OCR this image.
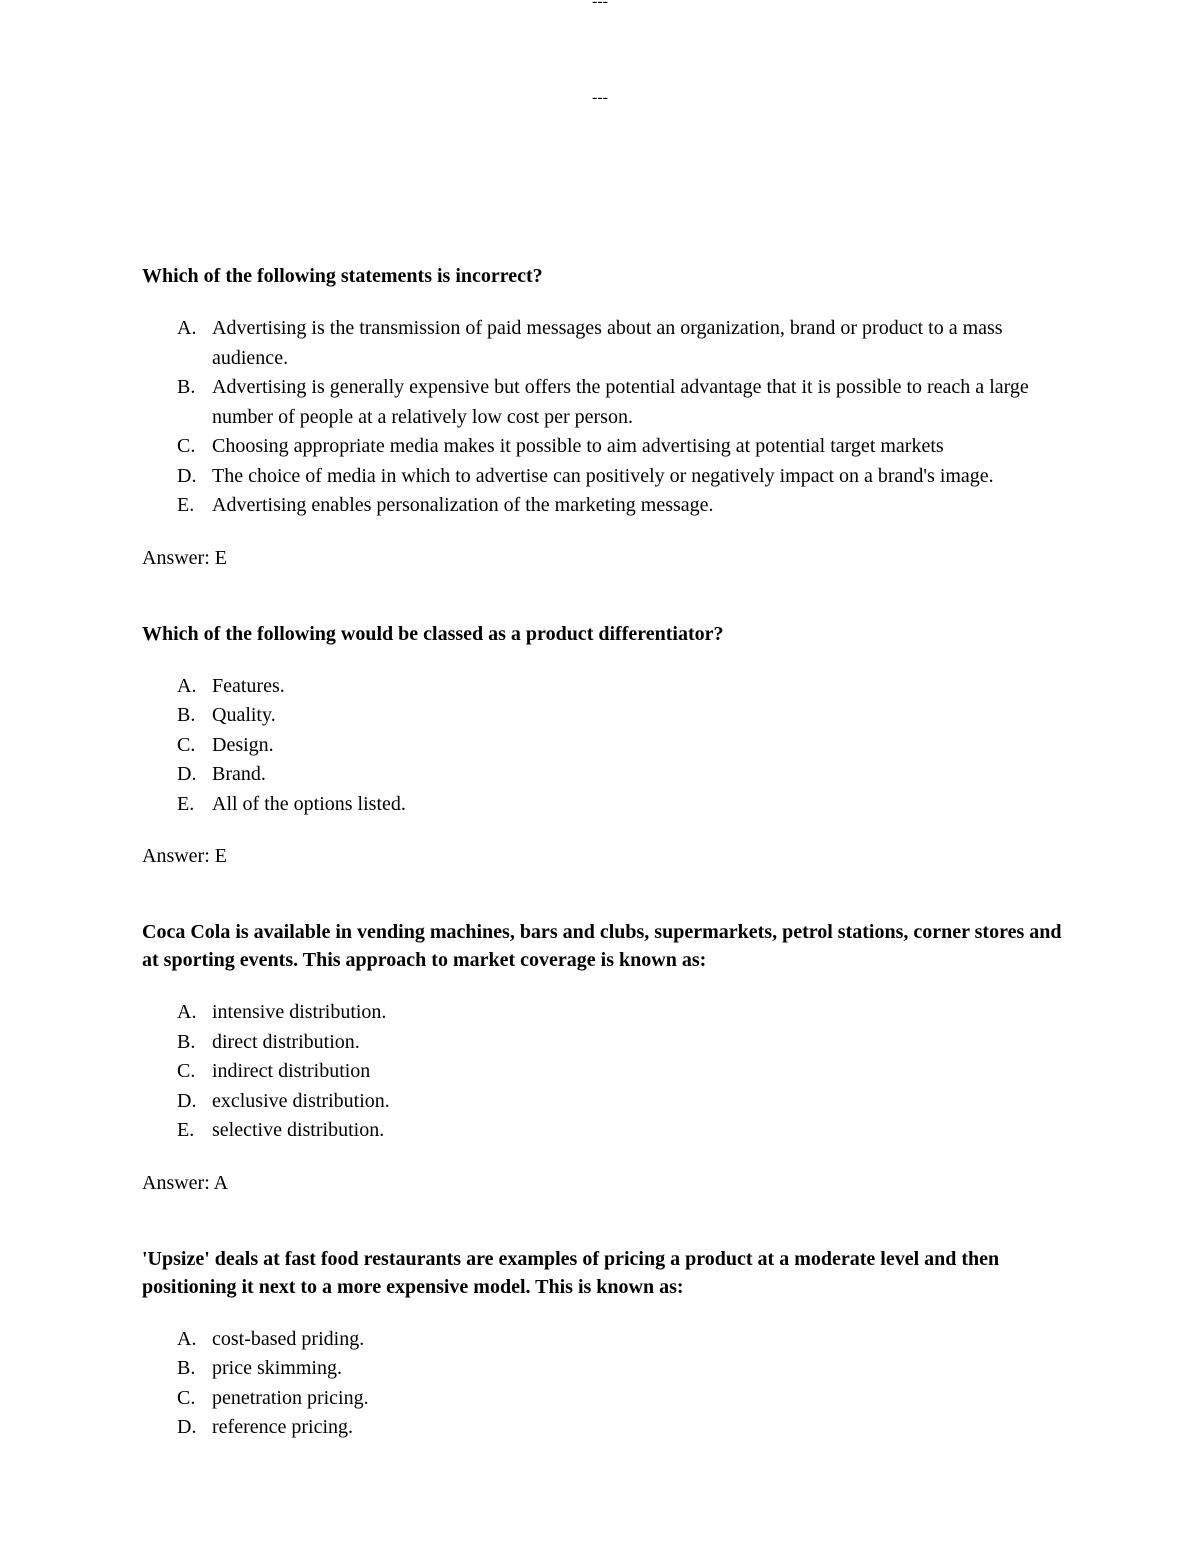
---
---

Which of the following statements is incorrect?

A. Advertising is the transmission of paid messages about an organization, brand or product to a mass audience.
B. Advertising is generally expensive but offers the potential advantage that it is possible to reach a large number of people at a relatively low cost per person.
C. Choosing appropriate media makes it possible to aim advertising at potential target markets
D. The choice of media in which to advertise can positively or negatively impact on a brand's image.
E. Advertising enables personalization of the marketing message.

Answer: E

Which of the following would be classed as a product differentiator?

A. Features.
B. Quality.
C. Design.
D. Brand.
E. All of the options listed.

Answer: E

Coca Cola is available in vending machines, bars and clubs, supermarkets, petrol stations, corner stores and at sporting events. This approach to market coverage is known as:

A. intensive distribution.
B. direct distribution.
C. indirect distribution
D. exclusive distribution.
E. selective distribution.

Answer: A

'Upsize' deals at fast food restaurants are examples of pricing a product at a moderate level and then positioning it next to a more expensive model. This is known as:

A. cost-based priding.
B. price skimming.
C. penetration pricing.
D. reference pricing.
